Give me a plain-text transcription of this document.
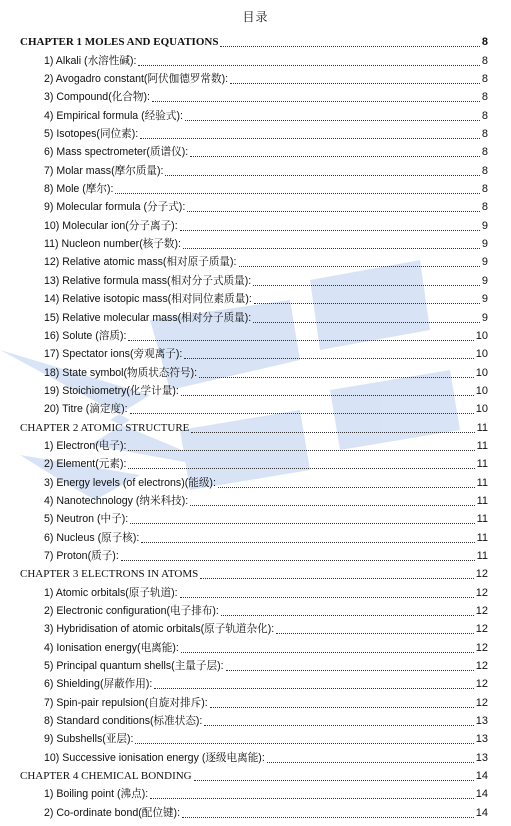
目录
CHAPTER 1 MOLES AND EQUATIONS	8
1) Alkali (水溶性碱):	8
2) Avogadro constant(阿伏伽德罗常数):	8
3) Compound(化合物):	8
4) Empirical formula (经验式):	8
5) Isotopes(同位素):	8
6) Mass spectrometer(质谱仪):	8
7) Molar mass(摩尔质量):	8
8) Mole (摩尔):	8
9) Molecular formula (分子式):	8
10) Molecular ion(分子离子):	9
11) Nucleon number(核子数):	9
12) Relative atomic mass(相对原子质量):	9
13) Relative formula mass(相对分子式质量):	9
14) Relative isotopic mass(相对同位素质量):	9
15) Relative molecular mass(相对分子质量):	9
16) Solute (溶质):	10
17) Spectator ions(旁观离子):	10
18) State symbol(物质状态符号):	10
19) Stoichiometry(化学计量):	10
20) Titre (滴定度):	10
CHAPTER 2 ATOMIC STRUCTURE	11
1) Electron(电子):	11
2) Element(元素):	11
3) Energy levels (of electrons)(能级):	11
4) Nanotechnology (纳米科技):	11
5) Neutron (中子):	11
6) Nucleus (原子核):	11
7) Proton(质子):	11
CHAPTER 3 ELECTRONS IN ATOMS	12
1) Atomic orbitals(原子轨道):	12
2) Electronic configuration(电子排布):	12
3) Hybridisation of atomic orbitals(原子轨道杂化):	12
4) Ionisation energy(电离能):	12
5) Principal quantum shells(主量子层):	12
6) Shielding(屏蔽作用):	12
7) Spin-pair repulsion(自旋对排斥):	12
8) Standard conditions(标准状态):	13
9) Subshells(亚层):	13
10) Successive ionisation energy (逐级电离能):	13
CHAPTER 4 CHEMICAL BONDING	14
1) Boiling point (沸点):	14
2) Co-ordinate bond(配位键):	14
